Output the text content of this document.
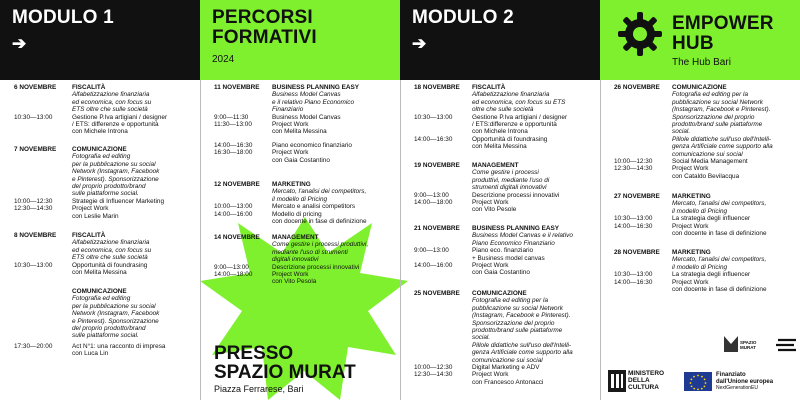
MODULO 1
➔
PERCORSI
FORMATIVI
2024
MODULO 2
➔
EMPOWER
HUB
The Hub Bari
6 NOVEMBRE	FISCALITÀ
Alfabetizzazione finanziaria
ed economica, con focus su
ETS oltre che sulle società
10:30—13:00	Gestione P.Iva artigiani / designer
/ ETS: differenze e opportunità
con Michele Introna
7 NOVEMBRE	COMUNICAZIONE
Fotografia ed editing
per la pubblicazione su social
Network (Instagram, Facebook
e Pinterest). Sponsorizzazione
del proprio prodotto/brand
sulle piattaforme social.
10:00—12:30	Strategie di Influencer Marketing
12:30—14:30	Project Work
con Leslie Marin
8 NOVEMBRE	FISCALITÀ
Alfabetizzazione finanziaria
ed economica, con focus su
ETS oltre che sulle società
10:30—13:00	Opportunità di foundrasing
con Melita Messina
COMUNICAZIONE
Fotografia ed editing
per la pubblicazione su social
Network (Instagram, Facebook
e Pinterest). Sponsorizzazione
del proprio prodotto/brand
sulle piattaforme social.
17:30—20:00	Act N°1: una racconto di impresa
con Luca Lin
11 NOVEMBRE	BUSINESS PLANNING EASY
Business Model Canvas
e il relativo Piano Economico
Finanziario
9:00—11:30	Business Model Canvas
11:30—13:00	Project Work
con Melita Messina
14:00—16:30	Piano economico finanziario
16:30—18:00	Project Work
con Gaia Costantino
12 NOVEMBRE	MARKETING
Mercato, l'analisi dei competitors,
il modello di Pricing
10:00—13:00	Mercato e analisi competitors
14:00—16:00	Modello di pricing
con docente in fase di definizione
14 NOVEMBRE	MANAGEMENT
Come gestire i processi produttivi,
mediante l'uso di strumenti
digitali innovativi
9:00—13:00	Descrizione processi innovativi
14:00—18:00	Project Work
con Vito Pesola
PRESSO
SPAZIO MURAT
Piazza Ferrarese, Bari
18 NOVEMBRE	FISCALITÀ
Alfabetizzazione finanziaria
ed economica, con focus su ETS
oltre che sulle società
10:30—13:00	Gestione P.Iva artigiani / designer
/ ETS:differenze e opportunità
con Michele Introna
14:00—16:30	Opportunità di foundrasing
con Melita Messina
19 NOVEMBRE	MANAGEMENT
Come gestire i processi
produttivi, mediante l'uso di
strumenti digitali innovativi
9:00—13:00	Descrizione processi innovativi
14:00—18:00	Project Work
con Vito Pesole
21 NOVEMBRE	BUSINESS PLANNING EASY
Business Model Canvas e il relativo
Piano Economico Finanziario
9:00—13:00	Piano eco. finanziario
+ Business model canvas
14:00—16:00	Project Work
con Gaia Costantino
25 NOVEMBRE	COMUNICAZIONE
Fotografia ed editing per la
pubblicazione su social Network
(Instagram, Facebook e Pinterest).
Sponsorizzazione del proprio
prodotto/brand sulle piattaforme
social.
Pillole didattiche sull'uso dell'Intelli-
genza Artificiale come supporto alla
comunicazione sui social
10:00—12:30	Digital Marketing e ADV
12:30—14:30	Project Work
con Francesco Antonacci
26 NOVEMBRE	COMUNICAZIONE
Fotografia ed editing per la
pubblicazione su social Network
(Instagram, Facebook e Pinterest).
Sponsorizzazione del proprio
prodotto/brand sulle piattaforme
social.
Pillole didattiche sull'uso dell'Intelli-
genza Artificiale come supporto alla
comunicazione sui social
10:00—12:30	Social Media Management
12:30—14:30	Project Work
con Cataldo Bevilacqua
27 NOVEMBRE	MARKETING
Mercato, l'analisi dei competitors,
il modello di Pricing
10:30—13:00	La strategia degli influencer
14:00—16:30	Project Work
con docente in fase di definizione
28 NOVEMBRE	MARKETING
Mercato, l'analisi dei competitors,
il modello di Pricing
10:30—13:00	La strategia degli influencer
14:00—16:30	Project Work
con docente in fase di definizione
SPAZIO MURAT
MINISTERO
DELLA
CULTURA
Finanziato
dall'Unione europea
NextGenerationEU
